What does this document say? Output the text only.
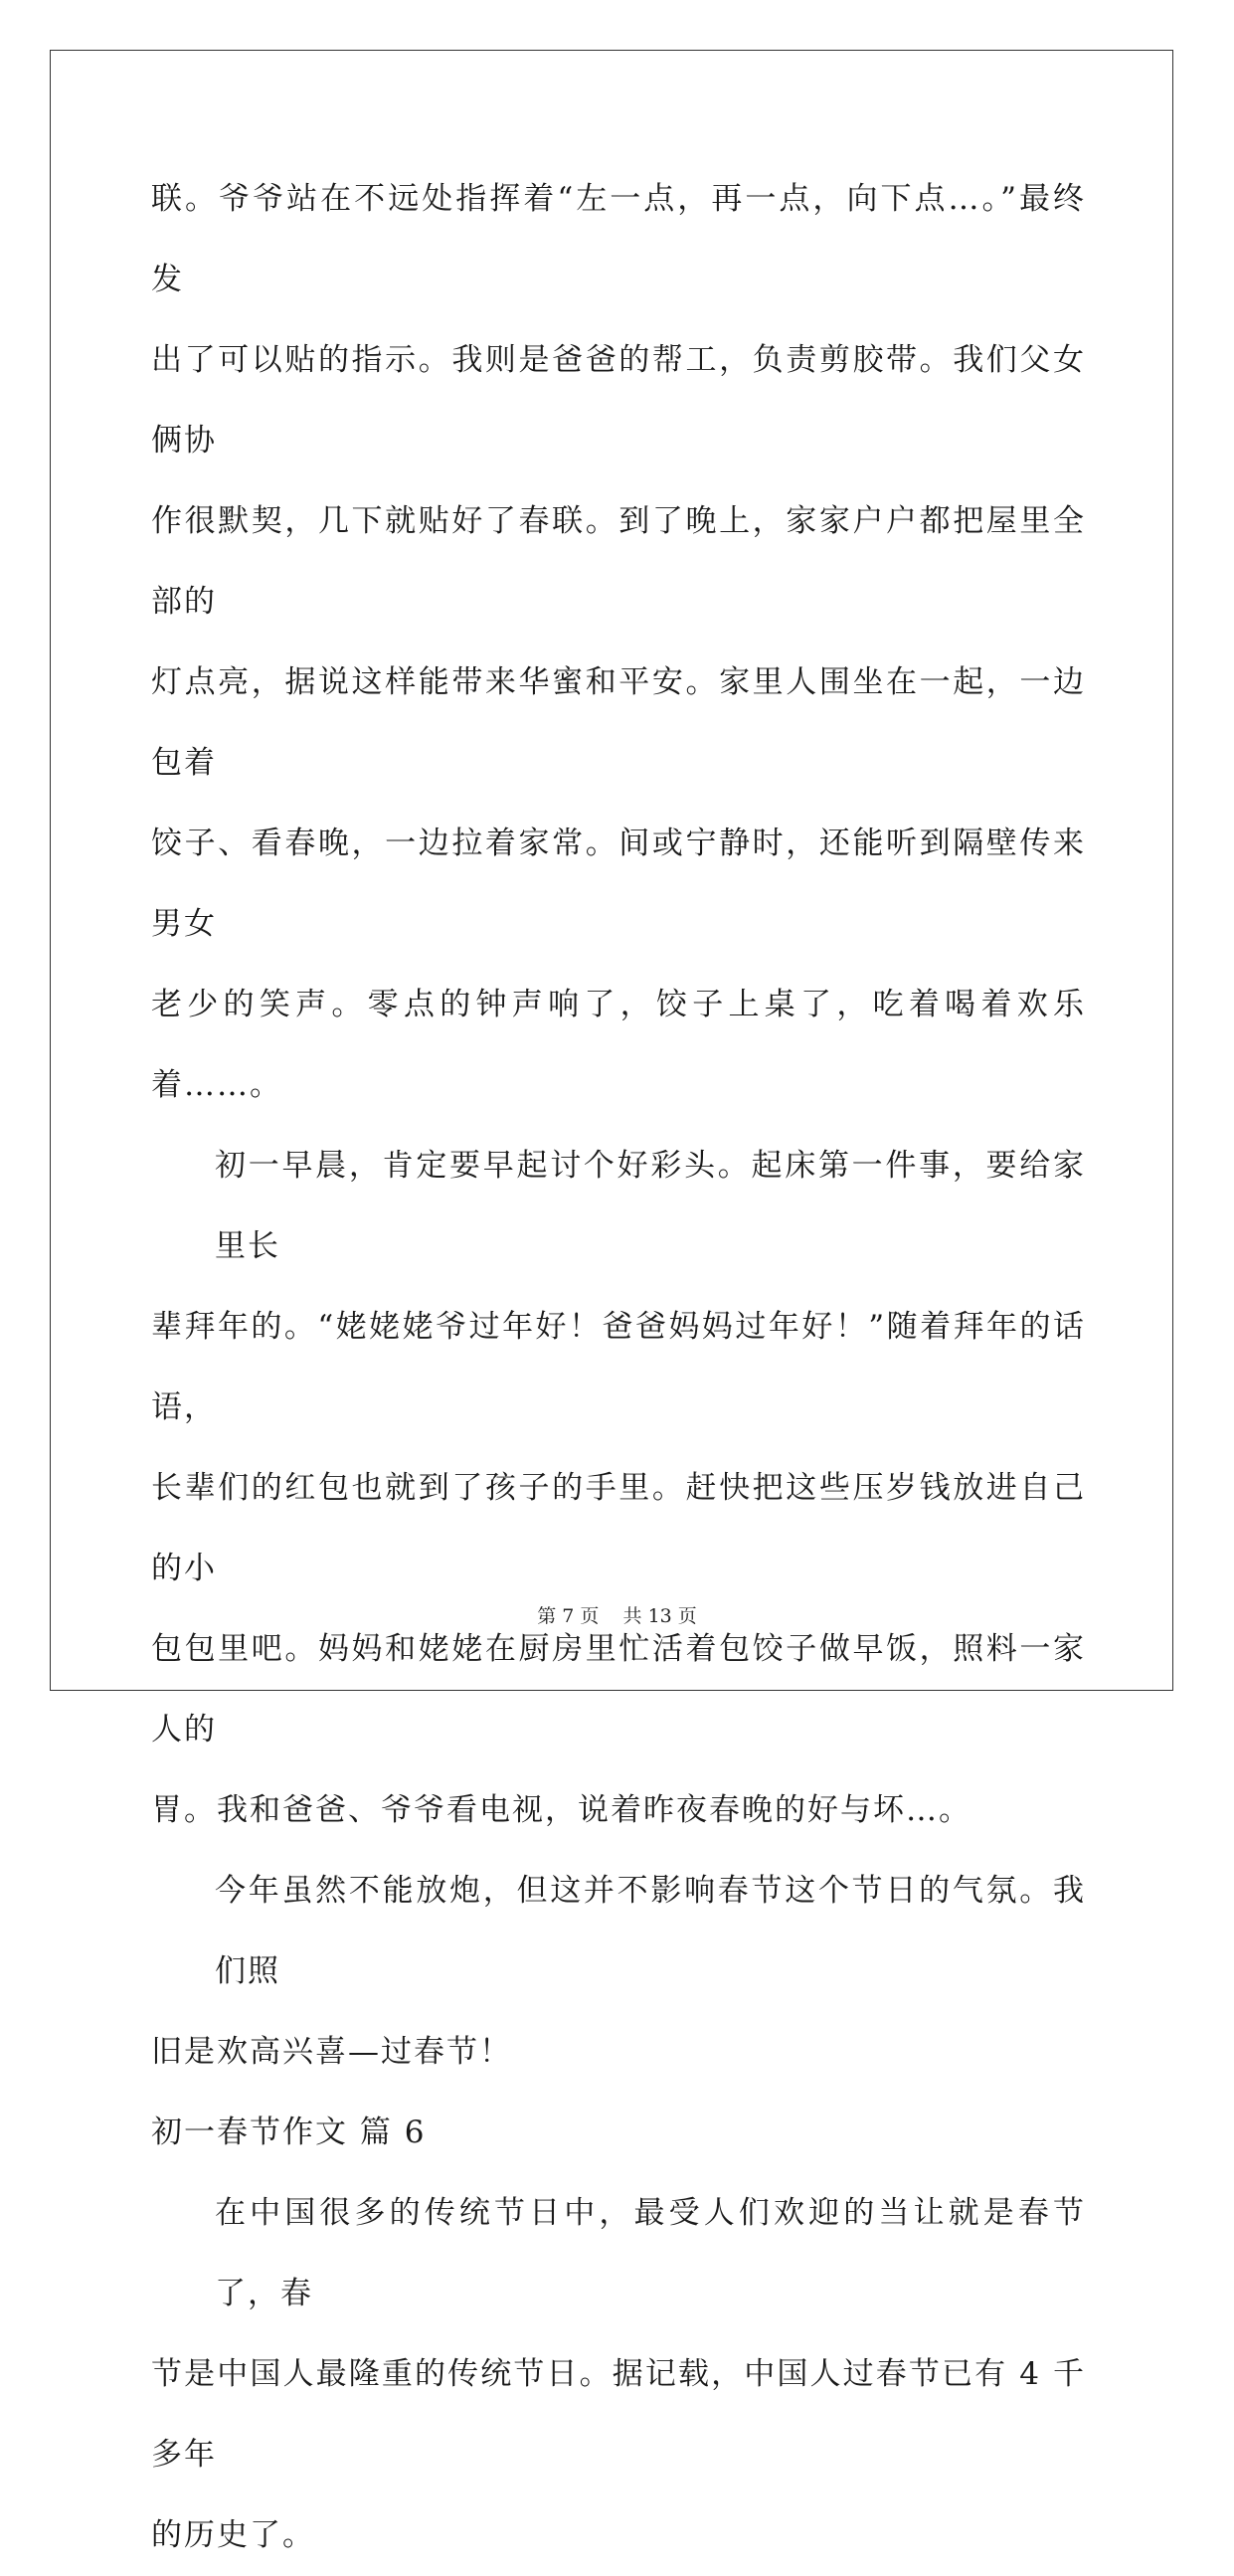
联。爷爷站在不远处指挥着“左一点，再一点，向下点…。”最终发
出了可以贴的指示。我则是爸爸的帮工，负责剪胶带。我们父女俩协
作很默契，几下就贴好了春联。到了晚上，家家户户都把屋里全部的
灯点亮，据说这样能带来华蜜和平安。家里人围坐在一起，一边包着
饺子、看春晚，一边拉着家常。间或宁静时，还能听到隔壁传来男女
老少的笑声。零点的钟声响了，饺子上桌了，吃着喝着欢乐着……。

初一早晨，肯定要早起讨个好彩头。起床第一件事，要给家里长
辈拜年的。“姥姥姥爷过年好！爸爸妈妈过年好！”随着拜年的话语，
长辈们的红包也就到了孩子的手里。赶快把这些压岁钱放进自己的小
包包里吧。妈妈和姥姥在厨房里忙活着包饺子做早饭，照料一家人的
胃。我和爸爸、爷爷看电视，说着昨夜春晚的好与坏…。

今年虽然不能放炮，但这并不影响春节这个节日的气氛。我们照
旧是欢高兴喜—过春节！

初一春节作文 篇 6

在中国很多的传统节日中，最受人们欢迎的当让就是春节了，春
节是中国人最隆重的传统节日。据记载，中国人过春节已有 4 千多年
的历史了。

第 7 页    共 13 页
